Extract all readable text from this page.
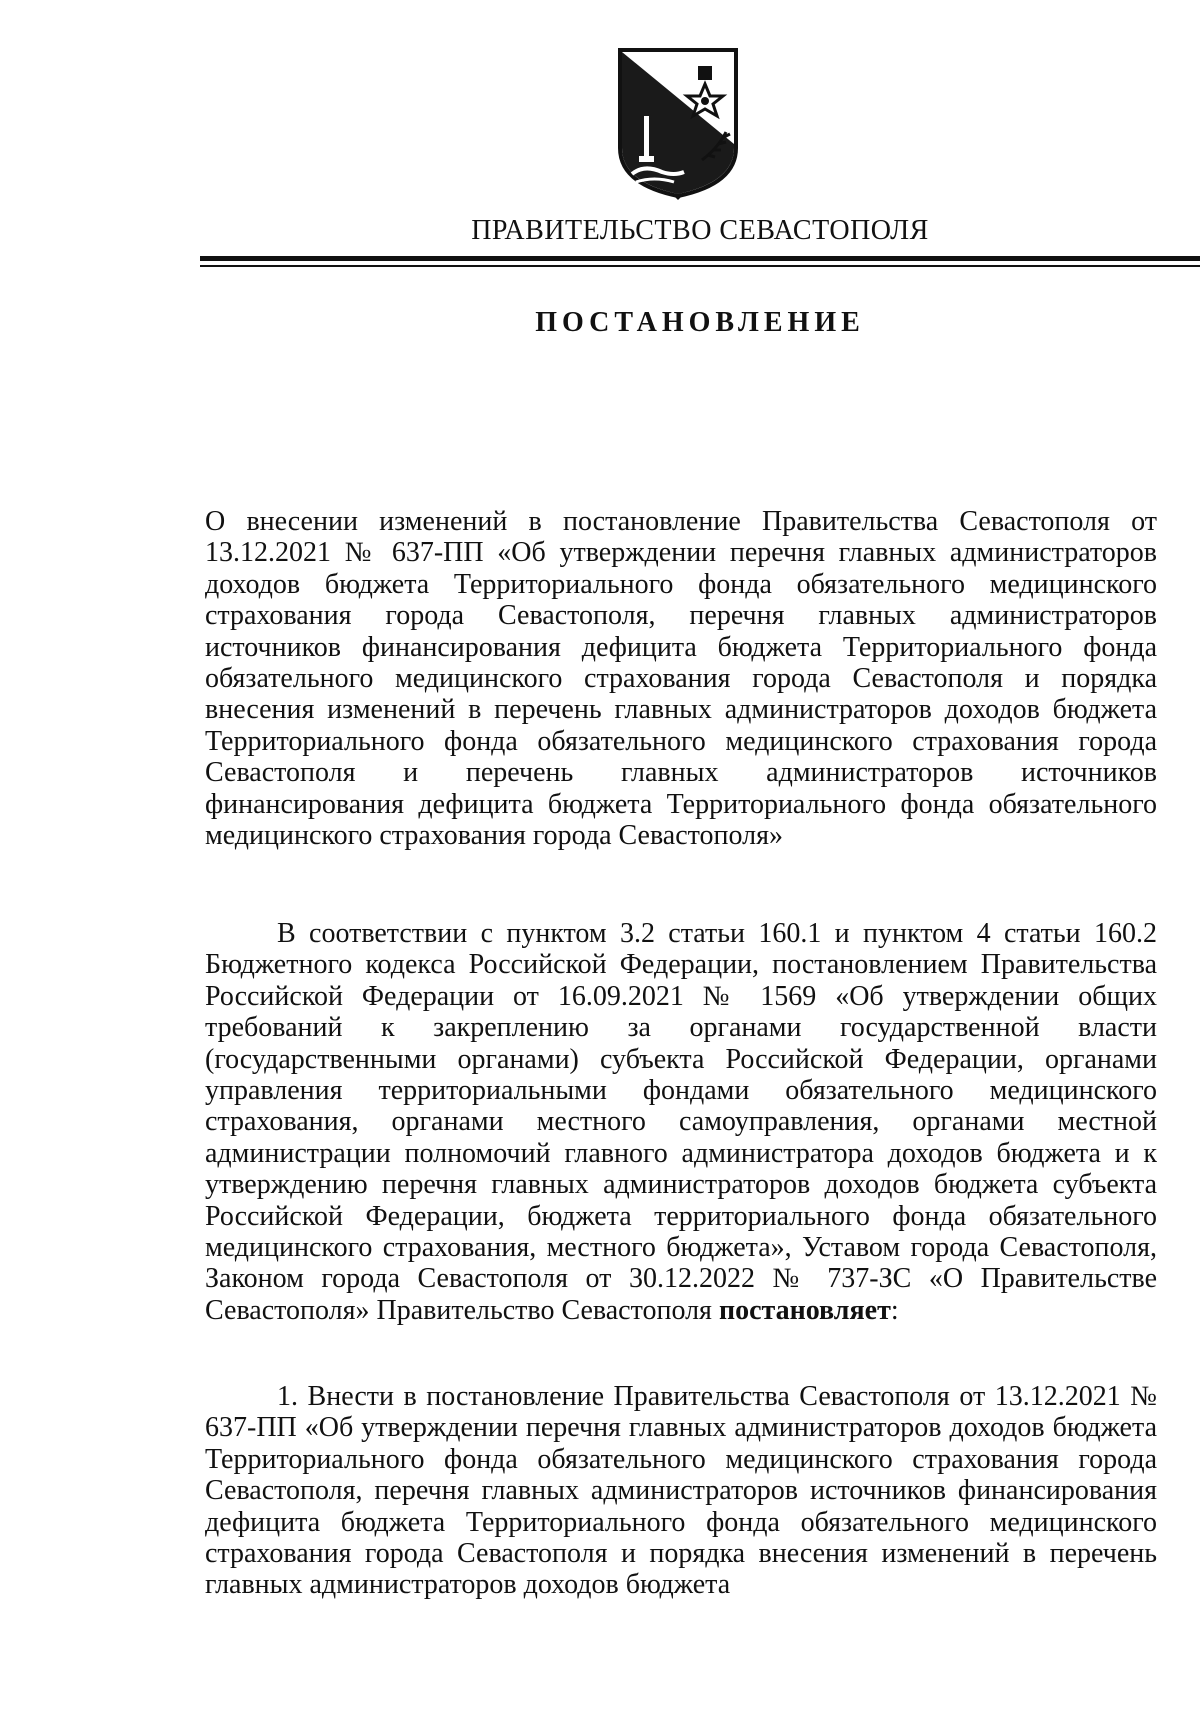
ПРАВИТЕЛЬСТВО СЕВАСТОПОЛЯ
ПОСТАНОВЛЕНИЕ
О внесении изменений в постановление Правительства Севастополя от 13.12.2021 № 637-ПП «Об утверждении перечня главных администраторов доходов бюджета Территориального фонда обязательного медицинского страхования города Севастополя, перечня главных администраторов источников финансирования дефицита бюджета Территориального фонда обязательного медицинского страхования города Севастополя и порядка внесения изменений в перечень главных администраторов доходов бюджета Территориального фонда обязательного медицинского страхования города Севастополя и перечень главных администраторов источников финансирования дефицита бюджета Территориального фонда обязательного медицинского страхования города Севастополя»
В соответствии с пунктом 3.2 статьи 160.1 и пунктом 4 статьи 160.2 Бюджетного кодекса Российской Федерации, постановлением Правительства Российской Федерации от 16.09.2021 № 1569 «Об утверждении общих требований к закреплению за органами государственной власти (государственными органами) субъекта Российской Федерации, органами управления территориальными фондами обязательного медицинского страхования, органами местного самоуправления, органами местной администрации полномочий главного администратора доходов бюджета и к утверждению перечня главных администраторов доходов бюджета субъекта Российской Федерации, бюджета территориального фонда обязательного медицинского страхования, местного бюджета», Уставом города Севастополя, Законом города Севастополя от 30.12.2022 № 737-ЗС «О Правительстве Севастополя» Правительство Севастополя постановляет:
1. Внести в постановление Правительства Севастополя от 13.12.2021 № 637-ПП «Об утверждении перечня главных администраторов доходов бюджета Территориального фонда обязательного медицинского страхования города Севастополя, перечня главных администраторов источников финансирования дефицита бюджета Территориального фонда обязательного медицинского страхования города Севастополя и порядка внесения изменений в перечень главных администраторов доходов бюджета
